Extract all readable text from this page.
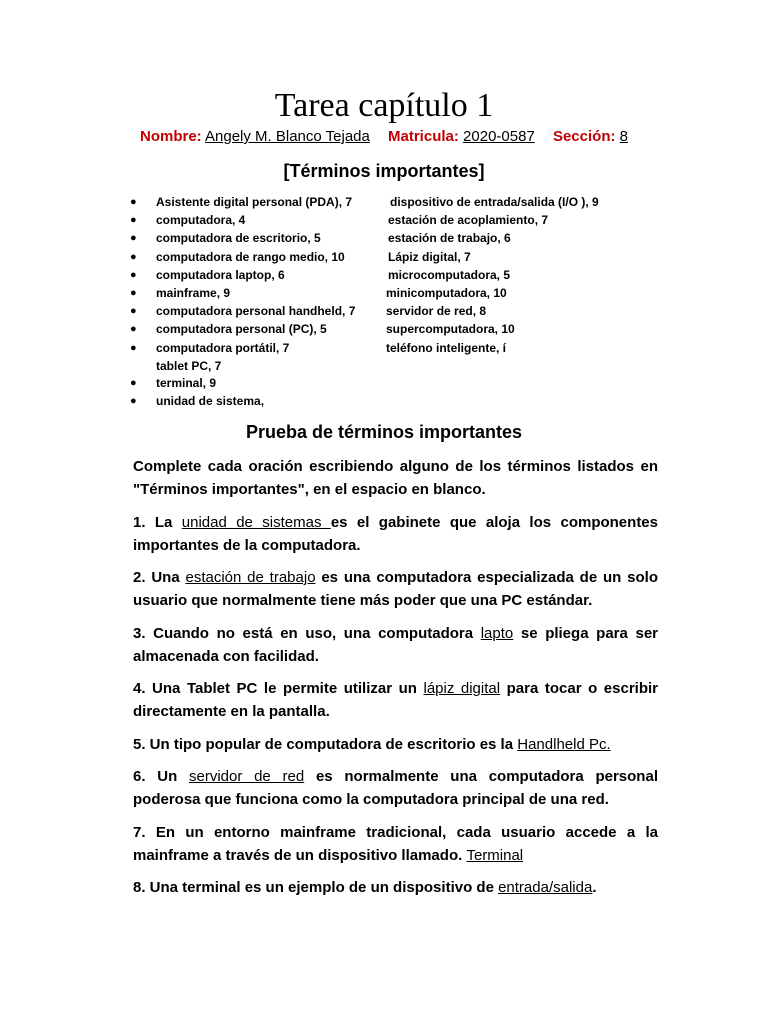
Tarea capítulo 1
Nombre: Angely M. Blanco Tejada Matricula: 2020-0587 Sección: 8
[Términos importantes]
● Asistente digital personal (PDA), 7	dispositivo de entrada/salida (I/O ), 9
● computadora, 4	estación de acoplamiento, 7
● computadora de escritorio, 5	estación de trabajo, 6
● computadora de rango medio, 10	Lápiz digital, 7
● computadora laptop, 6	microcomputadora, 5
● mainframe, 9	minicomputadora, 10
● computadora personal handheld, 7	servidor de red, 8
● computadora personal (PC), 5	supercomputadora, 10
● computadora portátil, 7	teléfono inteligente, í
tablet PC, 7
● terminal, 9
● unidad de sistema,
Prueba de términos importantes

Complete cada oración escribiendo alguno de los términos listados en "Términos importantes", en el espacio en blanco.

1. La unidad de sistemas es el gabinete que aloja los componentes importantes de la computadora.

2. Una estación de trabajo es una computadora especializada de un solo usuario que normalmente tiene más poder que una PC estándar.

3. Cuando no está en uso, una computadora lapto se pliega para ser almacenada con facilidad.

4. Una Tablet PC le permite utilizar un lápiz digital para tocar o escribir directamente en la pantalla.

5. Un tipo popular de computadora de escritorio es la Handlheld Pc.

6. Un servidor de red es normalmente una computadora personal poderosa que funciona como la computadora principal de una red.

7. En un entorno mainframe tradicional, cada usuario accede a la mainframe a través de un dispositivo llamado. Terminal

8. Una terminal es un ejemplo de un dispositivo de entrada/salida.
